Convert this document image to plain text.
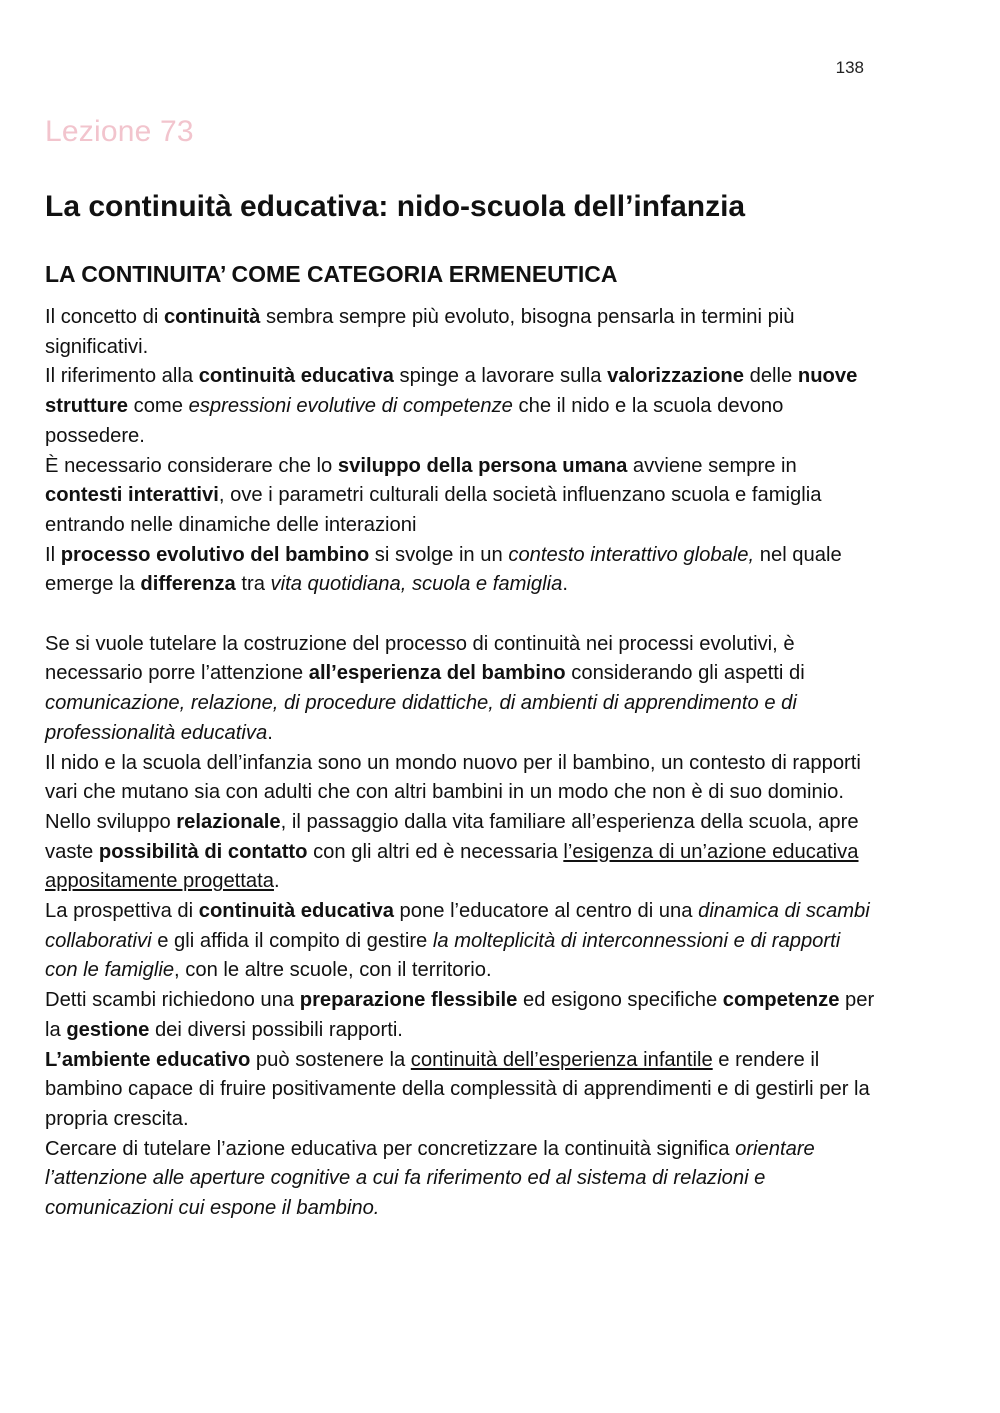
138
Lezione 73
La continuità educativa: nido-scuola dell’infanzia
LA CONTINUITA’ COME CATEGORIA ERMENEUTICA

Il concetto di continuità sembra sempre più evoluto, bisogna pensarla in termini più significativi.

Il riferimento alla continuità educativa spinge a lavorare sulla valorizzazione delle nuove strutture come espressioni evolutive di competenze che il nido e la scuola devono possedere.

È necessario considerare che lo sviluppo della persona umana avviene sempre in contesti interattivi, ove i parametri culturali della società influenzano scuola e famiglia entrando nelle dinamiche delle interazioni

Il processo evolutivo del bambino si svolge in un contesto interattivo globale, nel quale emerge la differenza tra vita quotidiana, scuola e famiglia.

Se si vuole tutelare la costruzione del processo di continuità nei processi evolutivi, è necessario porre l’attenzione all’esperienza del bambino considerando gli aspetti di comunicazione, relazione, di procedure didattiche, di ambienti di apprendimento e di professionalità educativa.

Il nido e la scuola dell’infanzia sono un mondo nuovo per il bambino, un contesto di rapporti vari che mutano sia con adulti che con altri bambini in un modo che non è di suo dominio. Nello sviluppo relazionale, il passaggio dalla vita familiare all’esperienza della scuola, apre vaste possibilità di contatto con gli altri ed è necessaria l’esigenza di un’azione educativa appositamente progettata.

La prospettiva di continuità educativa pone l’educatore al centro di una dinamica di scambi collaborativi e gli affida il compito di gestire la molteplicità di interconnessioni e di rapporti con le famiglie, con le altre scuole, con il territorio.

Detti scambi richiedono una preparazione flessibile ed esigono specifiche competenze per la gestione dei diversi possibili rapporti.

L’ambiente educativo può sostenere la continuità dell’esperienza infantile e rendere il bambino capace di fruire positivamente della complessità di apprendimenti e di gestirli per la propria crescita.

Cercare di tutelare l’azione educativa per concretizzare la continuità significa orientare l’attenzione alle aperture cognitive a cui fa riferimento ed al sistema di relazioni e comunicazioni cui espone il bambino.
